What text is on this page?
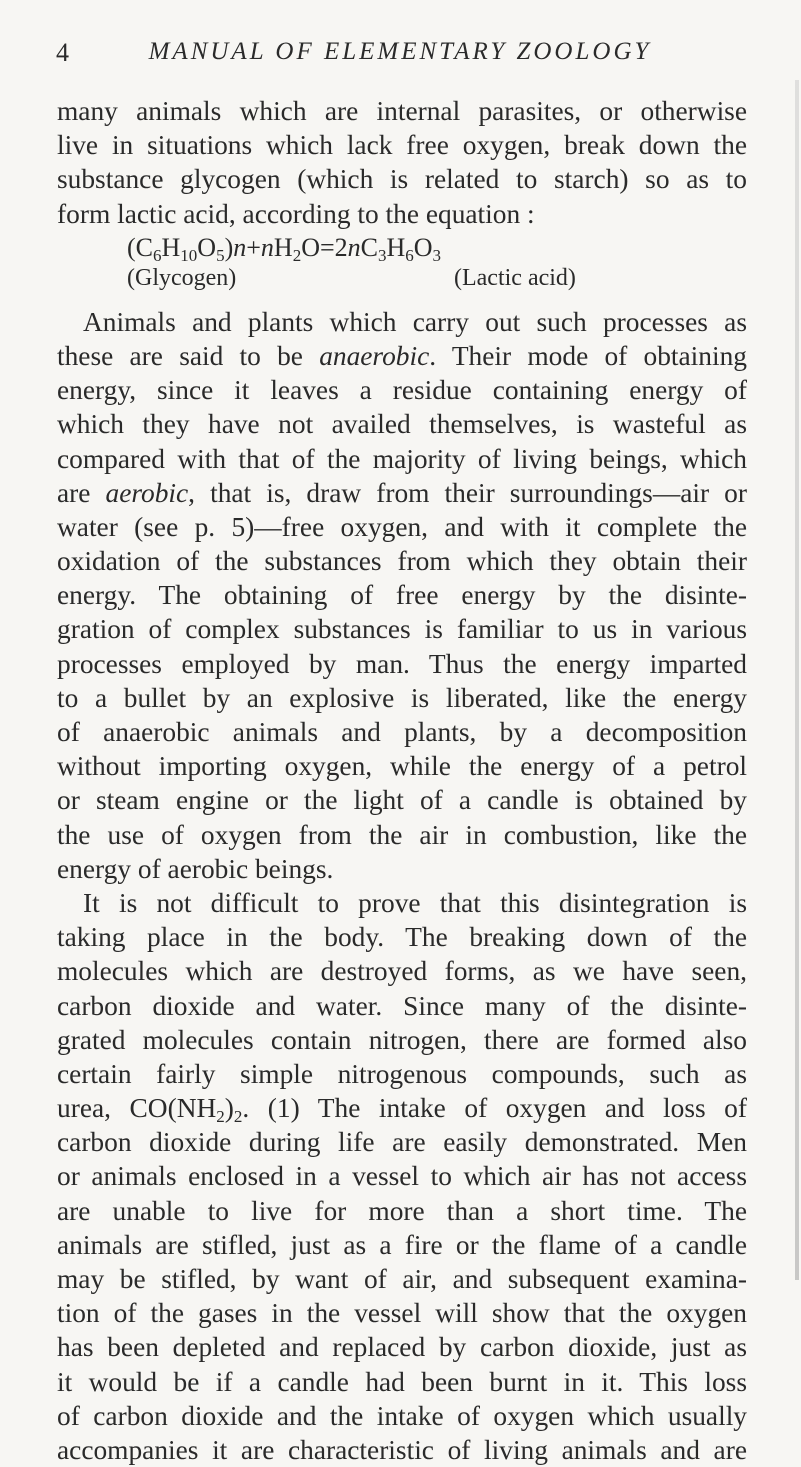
4	MANUAL OF ELEMENTARY ZOOLOGY
many animals which are internal parasites, or otherwise
live in situations which lack free oxygen, break down the
substance glycogen (which is related to starch) so as to
form lactic acid, according to the equation :
$(C_6H_{10}O_5)n+nH_2O=2nC_3H_6O_3$
(Glycogen)	(Lactic acid)
Animals and plants which carry out such processes as
these are said to be anaerobic. Their mode of obtaining
energy, since it leaves a residue containing energy of
which they have not availed themselves, is wasteful as
compared with that of the majority of living beings, which
are aerobic, that is, draw from their surroundings—air or
water (see p. 5)—free oxygen, and with it complete the
oxidation of the substances from which they obtain their
energy. The obtaining of free energy by the disinte-
gration of complex substances is familiar to us in various
processes employed by man. Thus the energy imparted
to a bullet by an explosive is liberated, like the energy
of anaerobic animals and plants, by a decomposition
without importing oxygen, while the energy of a petrol
or steam engine or the light of a candle is obtained by
the use of oxygen from the air in combustion, like the
energy of aerobic beings.
It is not difficult to prove that this disintegration is
taking place in the body. The breaking down of the
molecules which are destroyed forms, as we have seen,
carbon dioxide and water. Since many of the disinte-
grated molecules contain nitrogen, there are formed also
certain fairly simple nitrogenous compounds, such as
urea, $CO(NH_2)_2$. (1) The intake of oxygen and loss of
carbon dioxide during life are easily demonstrated. Men
or animals enclosed in a vessel to which air has not access
are unable to live for more than a short time. The
animals are stifled, just as a fire or the flame of a candle
may be stifled, by want of air, and subsequent examina-
tion of the gases in the vessel will show that the oxygen
has been depleted and replaced by carbon dioxide, just as
it would be if a candle had been burnt in it. This loss
of carbon dioxide and the intake of oxygen which usually
accompanies it are characteristic of living animals and are
